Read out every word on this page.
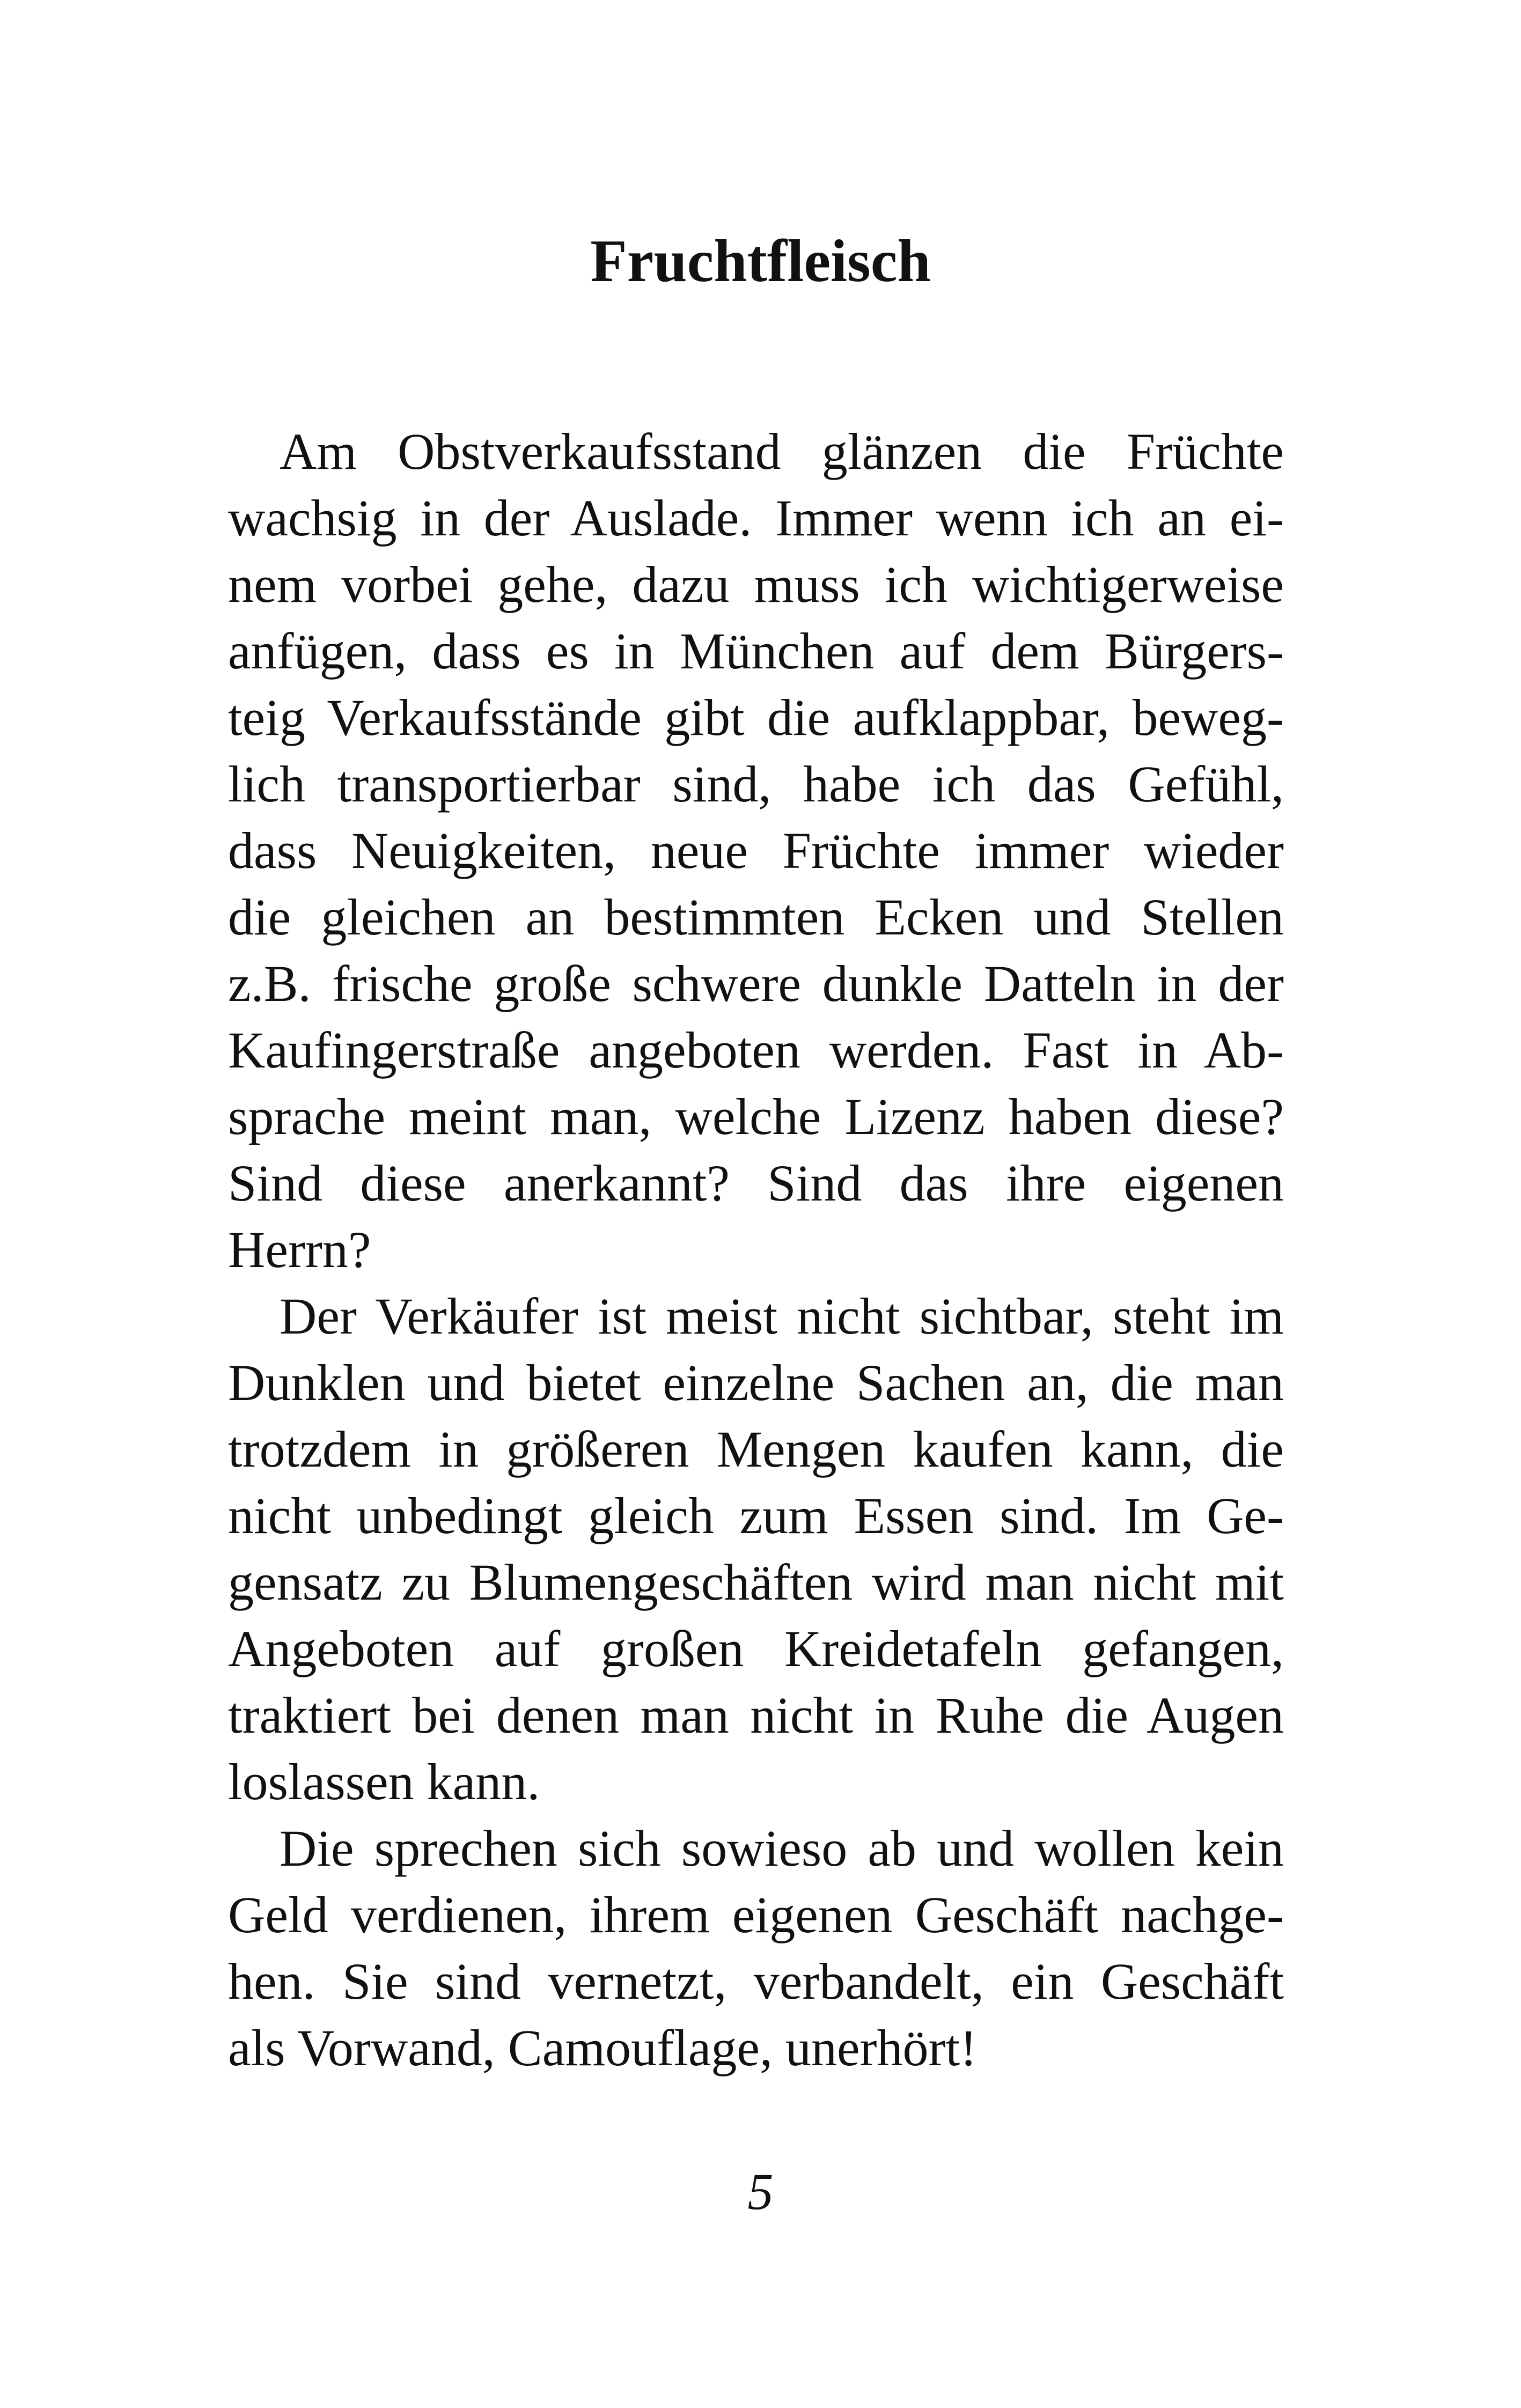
Fruchtfleisch
Am Obstverkaufsstand glänzen die Früchte
wachsig in der Auslade. Immer wenn ich an ei-
nem vorbei gehe, dazu muss ich wichtigerweise
anfügen, dass es in München auf dem Bürgers-
teig Verkaufsstände gibt die aufklappbar, beweg-
lich transportierbar sind, habe ich das Gefühl,
dass Neuigkeiten, neue Früchte immer wieder
die gleichen an bestimmten Ecken und Stellen
z.B. frische große schwere dunkle Datteln in der
Kaufingerstraße angeboten werden. Fast in Ab-
sprache meint man, welche Lizenz haben diese?
Sind diese anerkannt? Sind das ihre eigenen
Herrn?
Der Verkäufer ist meist nicht sichtbar, steht im
Dunklen und bietet einzelne Sachen an, die man
trotzdem in größeren Mengen kaufen kann, die
nicht unbedingt gleich zum Essen sind. Im Ge-
gensatz zu Blumengeschäften wird man nicht mit
Angeboten auf großen Kreidetafeln gefangen,
traktiert bei denen man nicht in Ruhe die Augen
loslassen kann.
Die sprechen sich sowieso ab und wollen kein
Geld verdienen, ihrem eigenen Geschäft nachge-
hen. Sie sind vernetzt, verbandelt, ein Geschäft
als Vorwand, Camouflage, unerhört!

5
